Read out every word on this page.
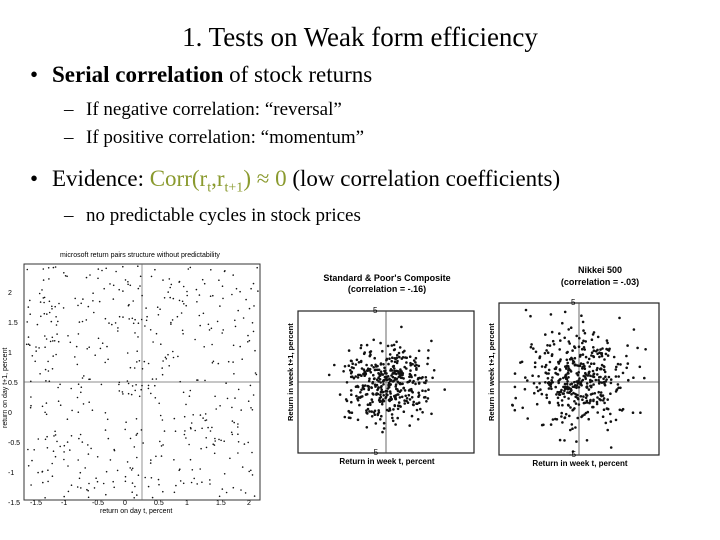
1. Tests on Weak form efficiency
• Serial correlation of stock returns
– If negative correlation: “reversal”
– If positive correlation: “momentum”
• Evidence: $Corr(r_t,r_{t+1}) \approx 0$ (low correlation coefficients)
– no predictable cycles in stock prices
microsoft return pairs structure without predictability
return on day t+1, percent
return on day t, percent
-1.5	-1	-0.5	0	0.5	1	1.5	2
2
1.5
1
0.5
0
-0.5
-1
-1.5
Standard & Poor's Composite
(correlation = -.16)
5
-5
Return in week t, percent
Return in week t+1, percent
Nikkei 500
(correlation = -.03)
5
-5
Return in week t, percent
Return in week t+1, percent
